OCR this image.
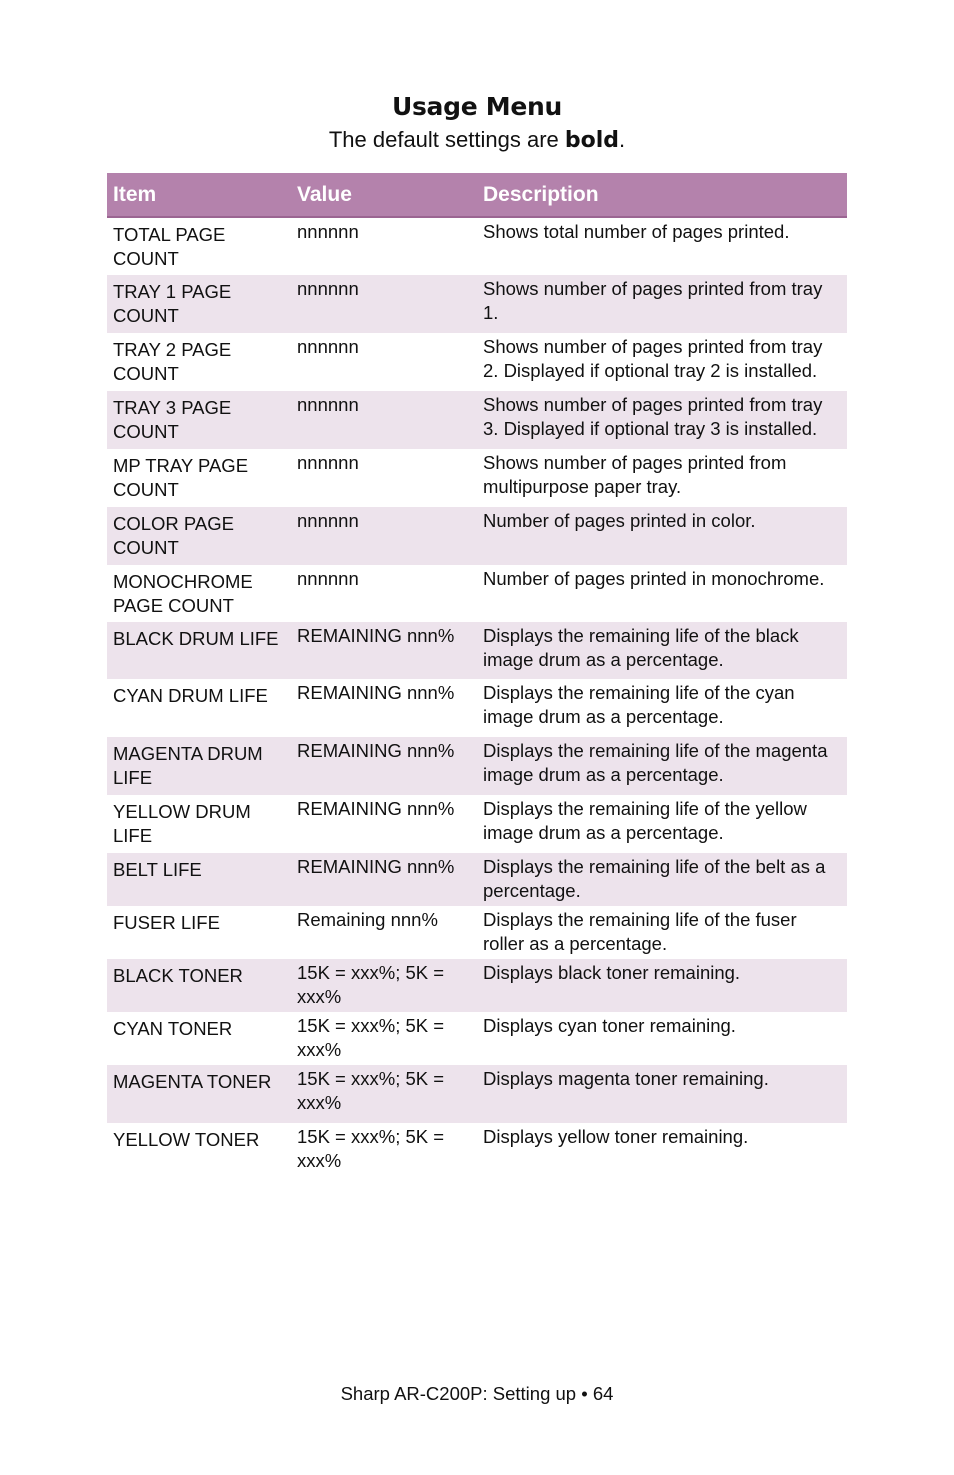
Usage Menu
The default settings are bold.
Item	Value	Description
TOTAL PAGE COUNT	nnnnnn	Shows total number of pages printed.
TRAY 1 PAGE COUNT	nnnnnn	Shows number of pages printed from tray 1.
TRAY 2 PAGE COUNT	nnnnnn	Shows number of pages printed from tray 2. Displayed if optional tray 2 is installed.
TRAY 3 PAGE COUNT	nnnnnn	Shows number of pages printed from tray 3. Displayed if optional tray 3 is installed.
MP TRAY PAGE COUNT	nnnnnn	Shows number of pages printed from multipurpose paper tray.
COLOR PAGE COUNT	nnnnnn	Number of pages printed in color.
MONOCHROME PAGE COUNT	nnnnnn	Number of pages printed in monochrome.
BLACK DRUM LIFE	REMAINING nnn%	Displays the remaining life of the black image drum as a percentage.
CYAN DRUM LIFE	REMAINING nnn%	Displays the remaining life of the cyan image drum as a percentage.
MAGENTA DRUM LIFE	REMAINING nnn%	Displays the remaining life of the magenta image drum as a percentage.
YELLOW DRUM LIFE	REMAINING nnn%	Displays the remaining life of the yellow image drum as a percentage.
BELT LIFE	REMAINING nnn%	Displays the remaining life of the belt as a percentage.
FUSER LIFE	Remaining nnn%	Displays the remaining life of the fuser roller as a percentage.
BLACK TONER	15K = xxx%; 5K = xxx%	Displays black toner remaining.
CYAN TONER	15K = xxx%; 5K = xxx%	Displays cyan toner remaining.
MAGENTA TONER	15K = xxx%; 5K = xxx%	Displays magenta toner remaining.
YELLOW TONER	15K = xxx%; 5K = xxx%	Displays yellow toner remaining.
Sharp AR-C200P: Setting up • 64
